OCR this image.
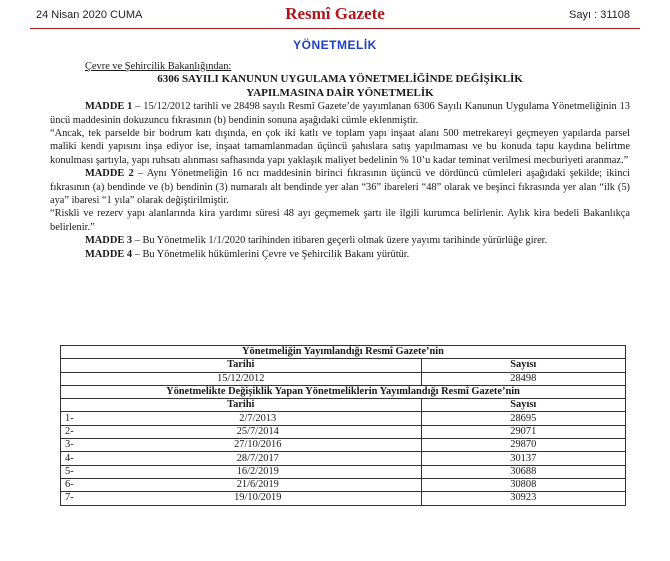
24 Nisan 2020 CUMA	Resmî Gazete	Sayı : 31108
YÖNETMELİK

Çevre ve Şehircilik Bakanlığından:

6306 SAYILI KANUNUN UYGULAMA YÖNETMELİĞİNDE DEĞİŞİKLİK

YAPILMASINA DAİR YÖNETMELİK

MADDE 1 – 15/12/2012 tarihli ve 28498 sayılı Resmî Gazete’de yayımlanan 6306 Sayılı Kanunun Uygulama Yönetmeliğinin 13 üncü maddesinin dokuzuncu fıkrasının (b) bendinin sonuna aşağıdaki cümle eklenmiştir.

“Ancak, tek parselde bir bodrum katı dışında, en çok iki katlı ve toplam yapı inşaat alanı 500 metrekareyi geçmeyen yapılarda parsel maliki kendi yapısını inşa ediyor ise, inşaat tamamlanmadan üçüncü şahıslara satış yapılmaması ve bu konuda tapu kaydına belirtme konulması şartıyla, yapı ruhsatı alınması safhasında yapı yaklaşık maliyet bedelinin % 10’u kadar teminat verilmesi mecburiyeti aranmaz.”

MADDE 2 – Aynı Yönetmeliğin 16 ncı maddesinin birinci fıkrasının üçüncü ve dördüncü cümleleri aşağıdaki şekilde; ikinci fıkrasının (a) bendinde ve (b) bendinin (3) numaralı alt bendinde yer alan “36” ibareleri “48” olarak ve beşinci fıkrasında yer alan “ilk (5) aya” ibaresi “1 yıla” olarak değiştirilmiştir.

“Riskli ve rezerv yapı alanlarında kira yardımı süresi 48 ayı geçmemek şartı ile ilgili kurumca belirlenir. Aylık kira bedeli Bakanlıkça belirlenir.”

MADDE 3 – Bu Yönetmelik 1/1/2020 tarihinden itibaren geçerli olmak üzere yayımı tarihinde yürürlüğe girer.

MADDE 4 – Bu Yönetmelik hükümlerini Çevre ve Şehircilik Bakanı yürütür.

Yönetmeliğin Yayımlandığı Resmî Gazete’nin		
Tarihi		Sayısı
15/12/2012		28498
Yönetmelikte Değişiklik Yapan Yönetmeliklerin Yayımlandığı Resmî Gazete’nin		
Tarihi		Sayısı
1-	2/7/2013	28695
2-	25/7/2014	29071
3-	27/10/2016	29870
4-	28/7/2017	30137
5-	16/2/2019	30688
6-	21/6/2019	30808
7-	19/10/2019	30923
